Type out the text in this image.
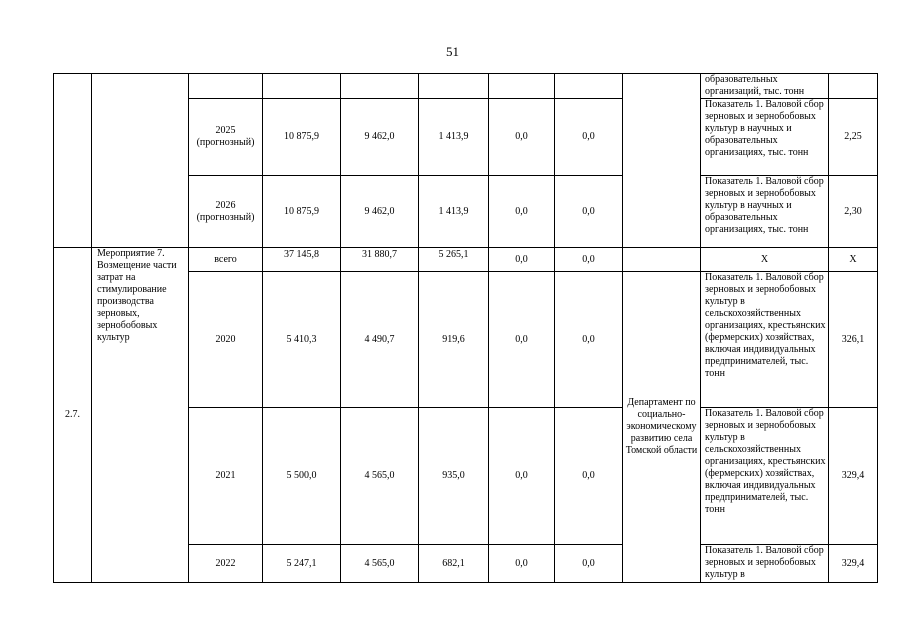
51
									образовательных организаций, тыс. тонн	
		2025 (прогнозный)	10 875,9	9 462,0	1 413,9	0,0	0,0		Показатель 1. Валовой сбор зерновых и зернобобовых культур в научных и образовательных организациях, тыс. тонн	2,25
		2026 (прогнозный)	10 875,9	9 462,0	1 413,9	0,0	0,0		Показатель 1. Валовой сбор зерновых и зернобобовых культур в научных и образовательных организациях, тыс. тонн	2,30
2.7.	Мероприятие 7. Возмещение части затрат на стимулирование производства зерновых, зернобобовых культур	всего	37 145,8	31 880,7	5 265,1	0,0	0,0		X	X
		2020	5 410,3	4 490,7	919,6	0,0	0,0	Департамент по социально-экономическому развитию села Томской области	Показатель 1. Валовой сбор зерновых и зернобобовых культур в сельскохозяйственных организациях, крестьянских (фермерских) хозяйствах, включая индивидуальных предпринимателей, тыс. тонн	326,1
		2021	5 500,0	4 565,0	935,0	0,0	0,0		Показатель 1. Валовой сбор зерновых и зернобобовых культур в сельскохозяйственных организациях, крестьянских (фермерских) хозяйствах, включая индивидуальных предпринимателей, тыс. тонн	329,4
		2022	5 247,1	4 565,0	682,1	0,0	0,0		Показатель 1. Валовой сбор зерновых и зернобобовых культур в	329,4
